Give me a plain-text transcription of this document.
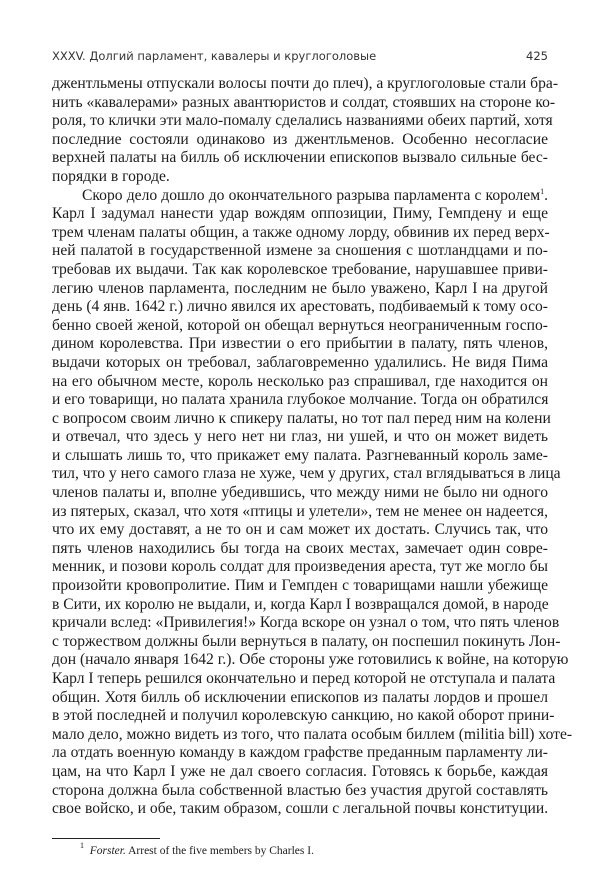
XXXV. Долгий парламент, кавалеры и круглоголовые	425
джентльмены отпускали волосы почти до плеч), а круглоголовые стали бра-
нить «кавалерами» разных авантюристов и солдат, стоявших на стороне ко-
роля, то клички эти мало-помалу сделались названиями обеих партий, хотя
последние состояли одинаково из джентльменов. Особенно несогласие
верхней палаты на билль об исключении епископов вызвало сильные бес-
порядки в городе.
Скоро дело дошло до окончательного разрыва парламента с королем$^1$.
Карл I задумал нанести удар вождям оппозиции, Пиму, Гемпдену и еще
трем членам палаты общин, а также одному лорду, обвинив их перед верх-
ней палатой в государственной измене за сношения с шотландцами и по-
требовав их выдачи. Так как королевское требование, нарушавшее приви-
легию членов парламента, последним не было уважено, Карл I на другой
день (4 янв. 1642 г.) лично явился их арестовать, подбиваемый к тому осо-
бенно своей женой, которой он обещал вернуться неограниченным госпо-
дином королевства. При известии о его прибытии в палату, пять членов,
выдачи которых он требовал, заблаговременно удалились. Не видя Пима
на его обычном месте, король несколько раз спрашивал, где находится он
и его товарищи, но палата хранила глубокое молчание. Тогда он обратился
с вопросом своим лично к спикеру палаты, но тот пал перед ним на колени
и отвечал, что здесь у него нет ни глаз, ни ушей, и что он может видеть
и слышать лишь то, что прикажет ему палата. Разгневанный король заме-
тил, что у него самого глаза не хуже, чем у других, стал вглядываться в лица
членов палаты и, вполне убедившись, что между ними не было ни одного
из пятерых, сказал, что хотя «птицы и улетели», тем не менее он надеется,
что их ему доставят, а не то он и сам может их достать. Случись так, что
пять членов находились бы тогда на своих местах, замечает один совре-
менник, и позови король солдат для произведения ареста, тут же могло бы
произойти кровопролитие. Пим и Гемпден с товарищами нашли убежище
в Сити, их королю не выдали, и, когда Карл I возвращался домой, в народе
кричали вслед: «Привилегия!» Когда вскоре он узнал о том, что пять членов
с торжеством должны были вернуться в палату, он поспешил покинуть Лон-
дон (начало января 1642 г.). Обе стороны уже готовились к войне, на которую
Карл I теперь решился окончательно и перед которой не отступала и палата
общин. Хотя билль об исключении епископов из палаты лордов и прошел
в этой последней и получил королевскую санкцию, но какой оборот прини-
мало дело, можно видеть из того, что палата особым биллем (militia bill) хоте-
ла отдать военную команду в каждом графстве преданным парламенту ли-
цам, на что Карл I уже не дал своего согласия. Готовясь к борьбе, каждая
сторона должна была собственной властью без участия другой составлять
свое войско, и обе, таким образом, сошли с легальной почвы конституции.
$^1$ Forster. Arrest of the five members by Charles I.
